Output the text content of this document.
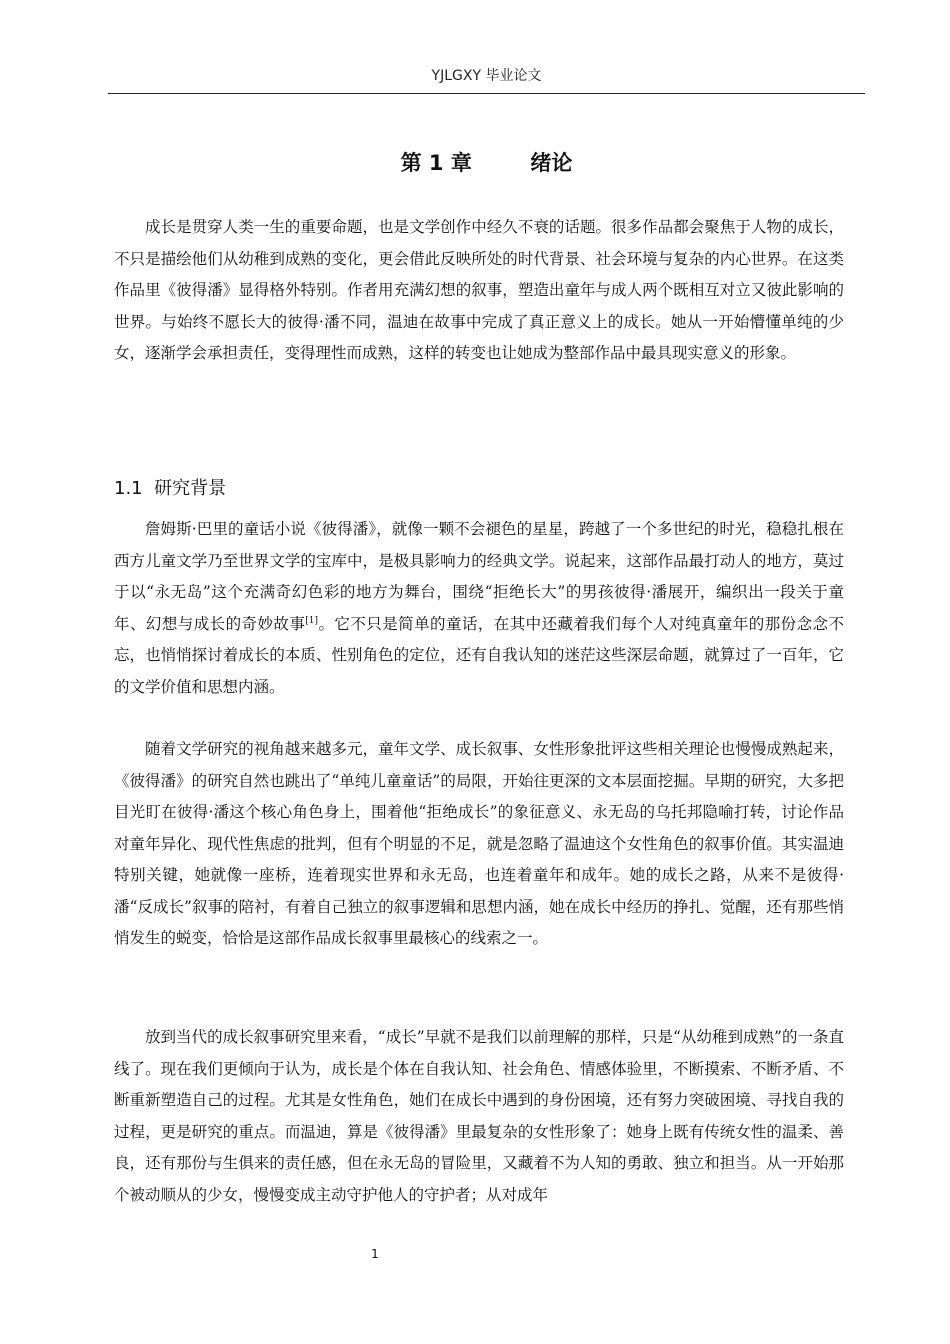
YJLGXY 毕业论文
第 1 章        绪论

成长是贯穿人类一生的重要命题，也是文学创作中经久不衰的话题。很多作品都会聚焦于人物的成长，不只是描绘他们从幼稚到成熟的变化，更会借此反映所处的时代背景、社会环境与复杂的内心世界。在这类作品里《彼得潘》显得格外特别。作者用充满幻想的叙事，塑造出童年与成人两个既相互对立又彼此影响的世界。与始终不愿长大的彼得·潘不同，温迪在故事中完成了真正意义上的成长。她从一开始懵懂单纯的少女，逐渐学会承担责任，变得理性而成熟，这样的转变也让她成为整部作品中最具现实意义的形象。

1.1  研究背景

詹姆斯·巴里的童话小说《彼得潘》，就像一颗不会褪色的星星，跨越了一个多世纪的时光，稳稳扎根在西方儿童文学乃至世界文学的宝库中，是极具影响力的经典文学。说起来，这部作品最打动人的地方，莫过于以“永无岛”这个充满奇幻色彩的地方为舞台，围绕“拒绝长大”的男孩彼得·潘展开，编织出一段关于童年、幻想与成长的奇妙故事[1]。它不只是简单的童话，在其中还藏着我们每个人对纯真童年的那份念念不忘，也悄悄探讨着成长的本质、性别角色的定位，还有自我认知的迷茫这些深层命题，就算过了一百年，它的文学价值和思想内涵。

随着文学研究的视角越来越多元，童年文学、成长叙事、女性形象批评这些相关理论也慢慢成熟起来，《彼得潘》的研究自然也跳出了“单纯儿童童话”的局限，开始往更深的文本层面挖掘。早期的研究，大多把目光盯在彼得·潘这个核心角色身上，围着他“拒绝成长”的象征意义、永无岛的乌托邦隐喻打转，讨论作品对童年异化、现代性焦虑的批判，但有个明显的不足，就是忽略了温迪这个女性角色的叙事价值。其实温迪特别关键，她就像一座桥，连着现实世界和永无岛，也连着童年和成年。她的成长之路，从来不是彼得·潘“反成长”叙事的陪衬，有着自己独立的叙事逻辑和思想内涵，她在成长中经历的挣扎、觉醒，还有那些悄悄发生的蜕变，恰恰是这部作品成长叙事里最核心的线索之一。

放到当代的成长叙事研究里来看，“成长”早就不是我们以前理解的那样，只是“从幼稚到成熟”的一条直线了。现在我们更倾向于认为，成长是个体在自我认知、社会角色、情感体验里，不断摸索、不断矛盾、不断重新塑造自己的过程。尤其是女性角色，她们在成长中遇到的身份困境，还有努力突破困境、寻找自我的过程，更是研究的重点。而温迪，算是《彼得潘》里最复杂的女性形象了：她身上既有传统女性的温柔、善良，还有那份与生俱来的责任感，但在永无岛的冒险里，又藏着不为人知的勇敢、独立和担当。从一开始那个被动顺从的少女，慢慢变成主动守护他人的守护者；从对成年

1
